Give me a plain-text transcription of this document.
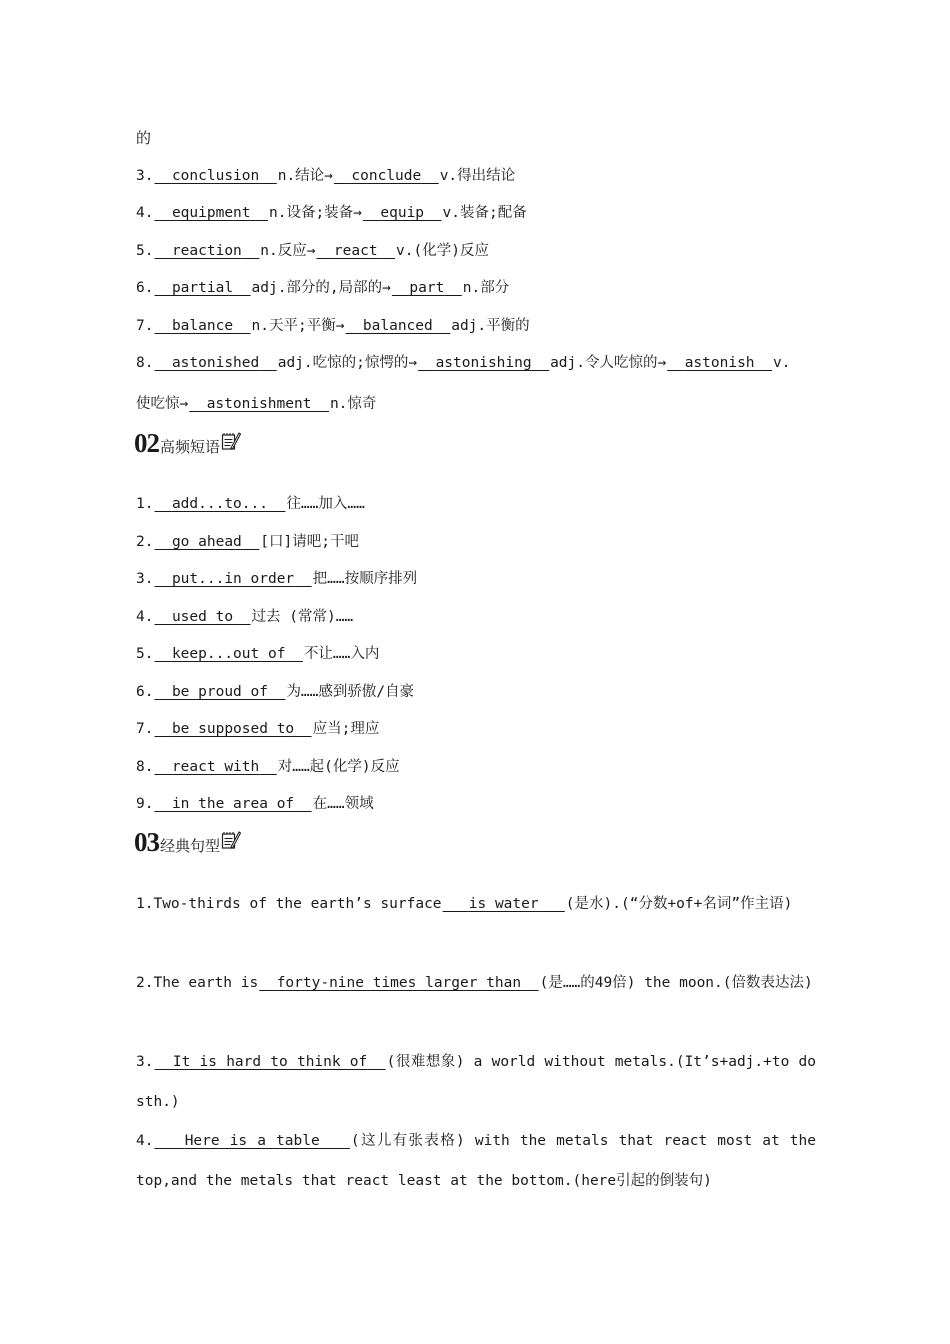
的
3. conclusion n.结论→ conclude v.得出结论
4. equipment n.设备;装备→ equip v.装备;配备
5. reaction n.反应→ react v.(化学)反应
6. partial adj.部分的,局部的→ part n.部分
7. balance n.天平;平衡→ balanced adj.平衡的
8. astonished adj.吃惊的;惊愕的→ astonishing adj.令人吃惊的→ astonish v.
使吃惊→ astonishment n.惊奇
02 高频短语
1. add...to... 往……加入……
2. go ahead [口]请吧;干吧
3. put...in order 把……按顺序排列
4. used to 过去 (常常)……
5. keep...out of 不让……入内
6. be proud of 为……感到骄傲/自豪
7. be supposed to 应当;理应
8. react with 对……起(化学)反应
9. in the area of 在……领域
03 经典句型
1.Two-thirds of the earth’s surface is water (是水).(“分数+of+名词”作主语)
2.The earth is forty-nine times larger than (是……的49倍) the moon.(倍数表达法)
3. It is hard to think of (很难想象) a world without metals.(It’s+adj.+to do sth.)
4. Here is a table (这儿有张表格) with the metals that react most at the top,and the metals that react least at the bottom.(here引起的倒装句)
